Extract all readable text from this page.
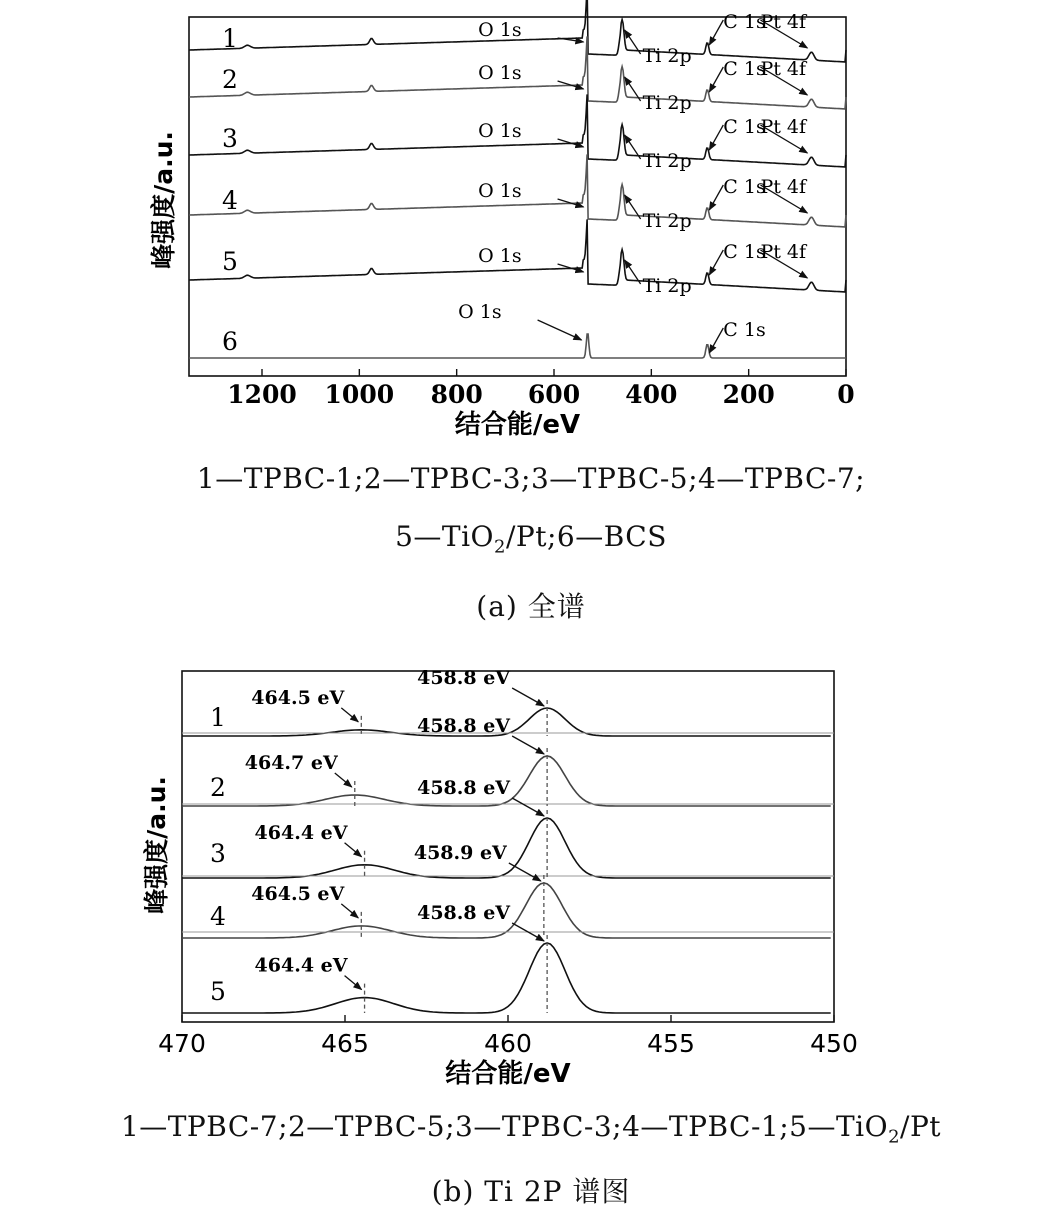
1200 1000 800 600 400 200	0
结合能/eV
峰强度/a.u.
1	O 1s
Ti 2p
C 1s
Pt 4f
2	O 1s
Ti 2p
C 1s
Pt 4f
3	O 1s
Ti 2p
C 1s
Pt 4f
4	O 1s
Ti 2p
C 1s
Pt 4f
5	O 1s
Ti 2p
C 1s
Pt 4f
6
O 1s
C 1s
470	465	460	455	450
结合能/eV
峰强度/a.u.
1
464.5 eV
458.8 eV
2
464.7 eV
458.8 eV
3
464.4 eV
458.8 eV
4
464.5 eV
458.9 eV
5
464.4 eV
458.8 eV
1—TPBC-1;2—TPBC-3;3—TPBC-5;4—TPBC-7;
5—TiO$_2$/Pt;6—BCS
(a) 全谱
1—TPBC-7;2—TPBC-5;3—TPBC-3;4—TPBC-1;5—TiO$_2$/Pt
(b) Ti 2P 谱图
